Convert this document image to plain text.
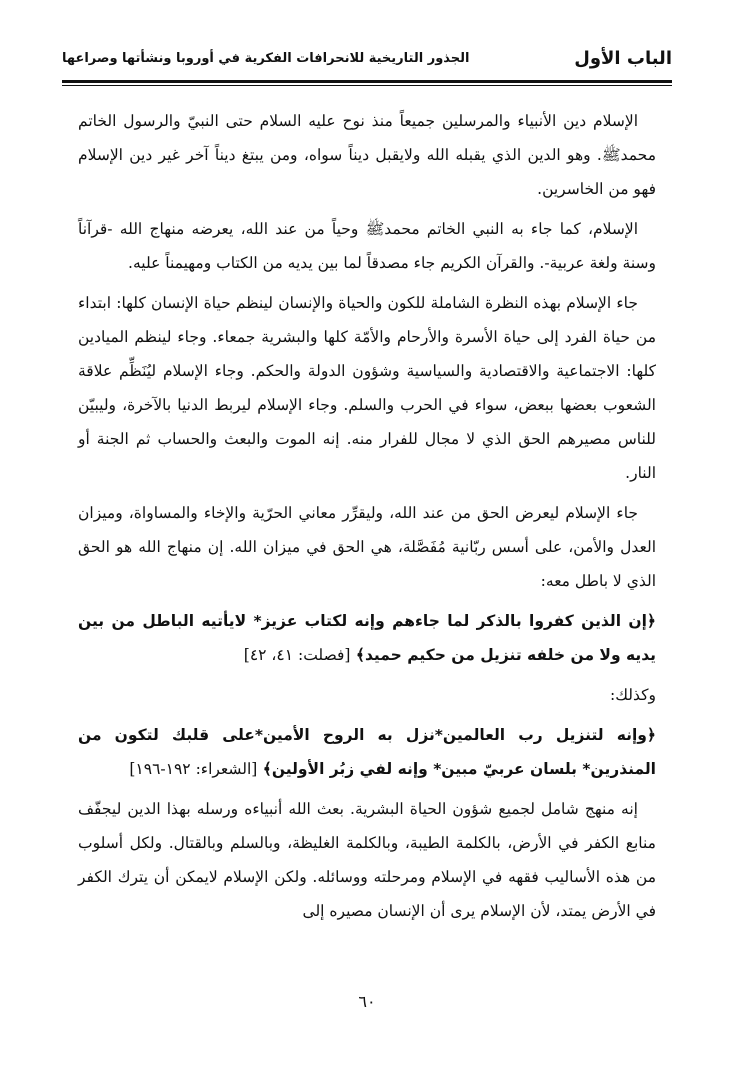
الباب الأول
الجذور التاريخية للانحرافات الفكرية في أوروبا ونشأتها وصراعها

الإسلام دين الأنبياء والمرسلين جميعاً منذ نوح عليه السلام حتى النبيّ والرسول الخاتم محمدﷺ. وهو الدين الذي يقبله الله ولايقبل ديناً سواه، ومن يبتغ ديناً آخر غير دين الإسلام فهو من الخاسرين.

الإسلام، كما جاء به النبي الخاتم محمدﷺ وحياً من عند الله، يعرضه منهاج الله -قرآناً وسنة ولغة عربية-. والقرآن الكريم جاء مصدقاً لما بين يديه من الكتاب ومهيمناً عليه.

جاء الإسلام بهذه النظرة الشاملة للكون والحياة والإنسان لينظم حياة الإنسان كلها: ابتداء من حياة الفرد إلى حياة الأسرة والأرحام والأمّة كلها والبشرية جمعاء. وجاء لينظم الميادين كلها: الاجتماعية والاقتصادية والسياسية وشؤون الدولة والحكم. وجاء الإسلام ليُنَظِّم علاقة الشعوب بعضها ببعض، سواء في الحرب والسلم. وجاء الإسلام ليربط الدنيا بالآخرة، وليبيّن للناس مصيرهم الحق الذي لا مجال للفرار منه. إنه الموت والبعث والحساب ثم الجنة أو النار.

جاء الإسلام ليعرض الحق من عند الله، وليقرِّر معاني الحرّية والإخاء والمساواة، وميزان العدل والأمن، على أسس ربّانية مُفَصَّلة، هي الحق في ميزان الله. إن منهاج الله هو الحق الذي لا باطل معه:

﴿إن الذين كفروا بالذكر لما جاءهم وإنه لكتاب عزيز* لايأتيه الباطل من بين يديه ولا من خلفه تنزيل من حكيم حميد﴾ [فصلت: ٤١، ٤٢]

وكذلك:

﴿وإنه لتنزيل رب العالمين*نزل به الروح الأمين*على قلبك لتكون من المنذرين* بلسان عربيّ مبين* وإنه لفي زبُر الأولين﴾ [الشعراء: ١٩٢-١٩٦]

إنه منهج شامل لجميع شؤون الحياة البشرية. بعث الله أنبياءه ورسله بهذا الدين ليجفّف منابع الكفر في الأرض، بالكلمة الطيبة، وبالكلمة الغليظة، وبالسلم وبالقتال. ولكل أسلوب من هذه الأساليب فقهه في الإسلام ومرحلته ووسائله. ولكن الإسلام لايمكن أن يترك الكفر في الأرض يمتد، لأن الإسلام يرى أن الإنسان مصيره إلى

٦٠
